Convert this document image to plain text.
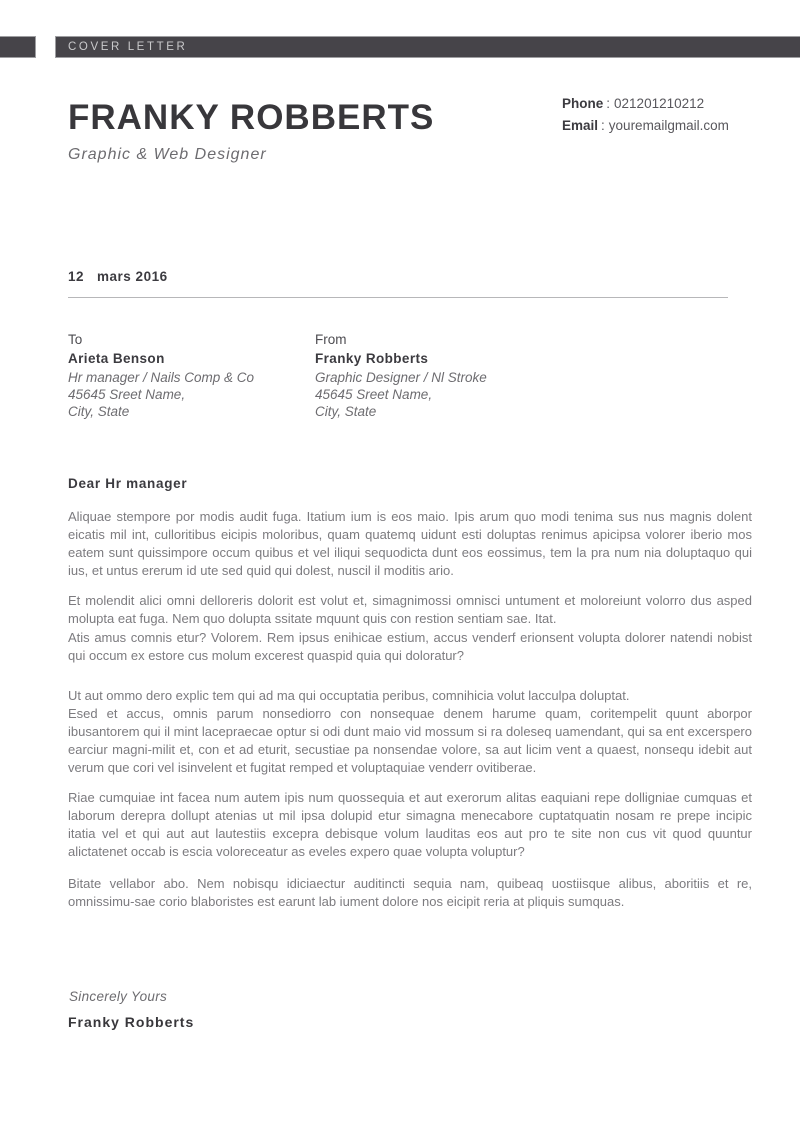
COVER LETTER
FRANKY ROBBERTS
Graphic & Web Designer
Phone : 021201210212
Email : youremailgmail.com
12 mars 2016
To
Arieta Benson
Hr manager / Nails Comp & Co
45645 Sreet Name,
City, State
From
Franky Robberts
Graphic Designer / Nl Stroke
45645 Sreet Name,
City, State
Dear Hr manager

Aliquae stempore por modis audit fuga. Itatium ium is eos maio. Ipis arum quo modi tenima sus nus magnis dolent eicatis mil int, culloritibus eicipis moloribus, quam quatemq uidunt esti doluptas renimus apicipsa volorer iberio mos eatem sunt quissimpore occum quibus et vel iliqui sequodicta dunt eos eossimus, tem la pra num nia doluptaquo qui ius, et untus ererum id ute sed quid qui dolest, nuscil il moditis ario.

Et molendit alici omni delloreris dolorit est volut et, simagnimossi omnisci untument et moloreiunt volorro dus asped molupta eat fuga. Nem quo dolupta ssitate mquunt quis con restion sentiam sae. Itat.

Atis amus comnis etur? Volorem. Rem ipsus enihicae estium, accus venderf erionsent volupta dolorer natendi nobist qui occum ex estore cus molum excerest quaspid quia qui doloratur?

Ut aut ommo dero explic tem qui ad ma qui occuptatia peribus, comnihicia volut lacculpa doluptat.

Esed et accus, omnis parum nonsediorro con nonsequae denem harume quam, coritempelit quunt aborpor ibusantorem qui il mint lacepraecae optur si odi dunt maio vid mossum si ra doleseq uamendant, qui sa ent excerspero earciur magni-milit et, con et ad eturit, secustiae pa nonsendae volore, sa aut licim vent a quaest, nonsequ idebit aut verum que cori vel isinvelent et fugitat remped et voluptaquiae venderr ovitiberae.

Riae cumquiae int facea num autem ipis num quossequia et aut exerorum alitas eaquiani repe dolligniae cumquas et laborum derepra dollupt atenias ut mil ipsa dolupid etur simagna menecabore cuptatquatin nosam re prepe incipic itatia vel et qui aut aut lautestiis excepra debisque volum lauditas eos aut pro te site non cus vit quod quuntur alictatenet occab is escia voloreceatur as eveles expero quae volupta voluptur?

Bitate vellabor abo. Nem nobisqu idiciaectur auditincti sequia nam, quibeaq uostiisque alibus, aboritiis et re, omnissimu-sae corio blaboristes est earunt lab iument dolore nos eicipit reria at pliquis sumquas.

Sincerely Yours
Franky Robberts
